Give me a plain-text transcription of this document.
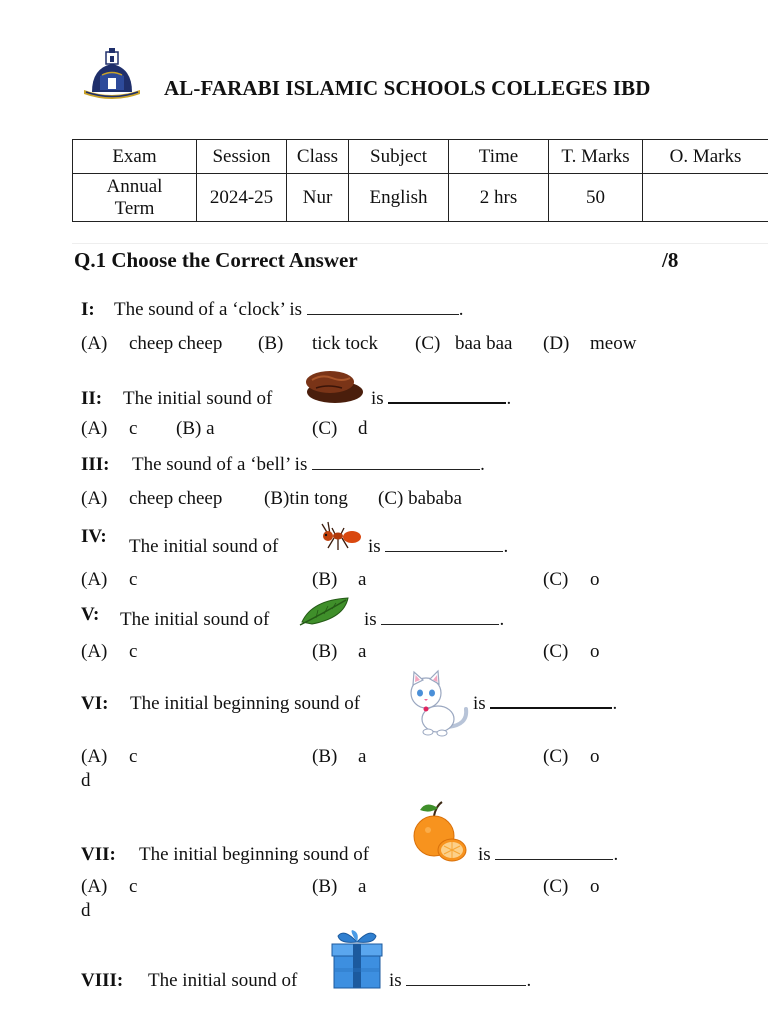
AL-FARABI ISLAMIC SCHOOLS COLLEGES IBD
Exam	Session	Class	Subject	Time	T. Marks	O. Marks
Annual
Term	2024-25	Nur	English	2 hrs	50	
Q.1 Choose the Correct Answer	/8
I: The sound of a ‘clock’ is	.
(A) cheep cheep (B) tick tock (C) baa baa (D) meow
II: The initial sound of	is	.
(A) c (B) a	(C) d
III: The sound of a ‘bell’ is	.
(A) cheep cheep (B)tin tong (C) bababa
IV: The initial sound of	is	.
(A) c	(B) a	(C) o
V: The initial sound of	is	.
(A) c	(B) a	(C) o
VI: The initial beginning sound of	is	.
(A) c	(B) a	(C) o
d
VII: The initial beginning sound of	is	.
(A) c	(B) a	(C) o
d
VIII: The initial sound of	is	.
